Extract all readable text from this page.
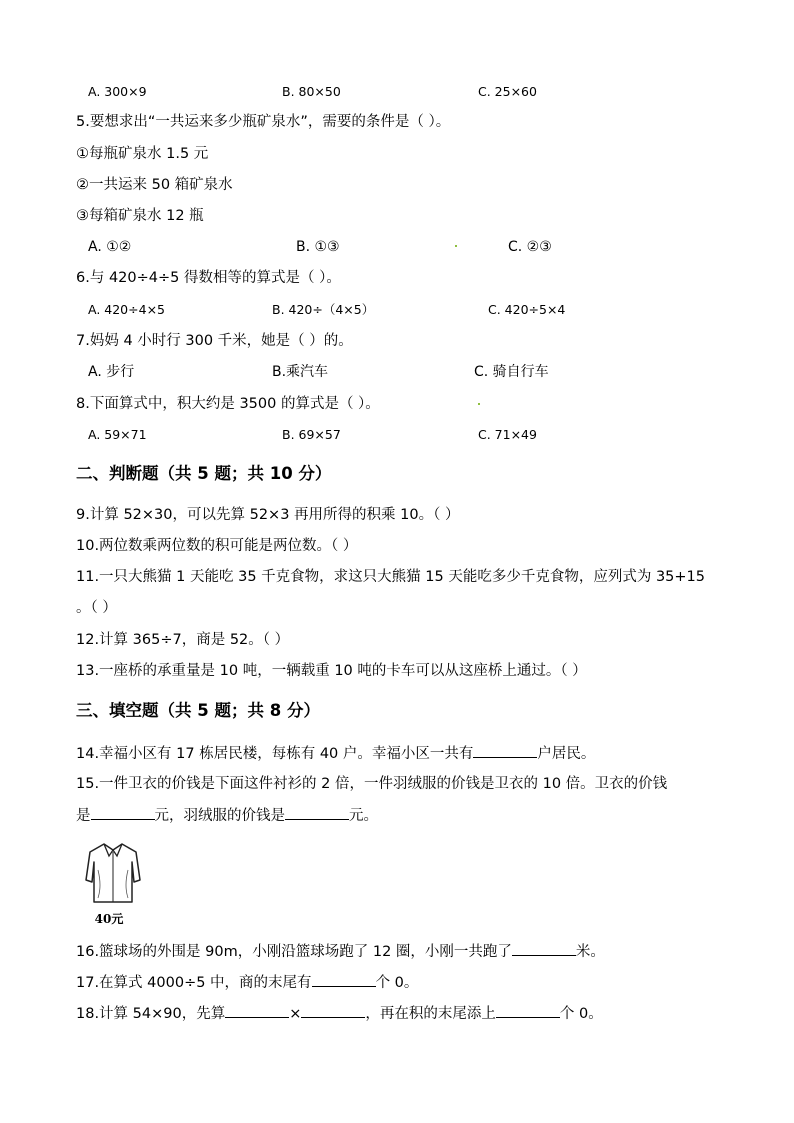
A. 300×9	B. 80×50	C. 25×60
5.要想求出“一共运来多少瓶矿泉水”，需要的条件是（ ）。
①每瓶矿泉水 1.5 元
②一共运来 50 箱矿泉水
③每箱矿泉水 12 瓶
A. ①②	B. ①③	C. ②③
6.与 420÷4÷5 得数相等的算式是（ ）。
A. 420÷4×5	B. 420÷（4×5）	C. 420÷5×4
7.妈妈 4 小时行 300 千米，她是（ ）的。
A. 步行	B.乘汽车	C. 骑自行车
8.下面算式中，积大约是 3500 的算式是（ ）。
A. 59×71	B. 69×57	C. 71×49
二、判断题（共 5 题；共 10 分）
9.计算 52×30，可以先算 52×3 再用所得的积乘 10。（ ）
10.两位数乘两位数的积可能是两位数。（ ）
11.一只大熊猫 1 天能吃 35 千克食物，求这只大熊猫 15 天能吃多少千克食物，应列式为 35+15
。（ ）
12.计算 365÷7，商是 52。（ ）
13.一座桥的承重量是 10 吨，一辆载重 10 吨的卡车可以从这座桥上通过。（ ）
三、填空题（共 5 题；共 8 分）
14.幸福小区有 17 栋居民楼，每栋有 40 户。幸福小区一共有	户居民。
15.一件卫衣的价钱是下面这件衬衫的 2 倍，一件羽绒服的价钱是卫衣的 10 倍。卫衣的价钱
是	元，羽绒服的价钱是	元。
40元
16.篮球场的外围是 90m，小刚沿篮球场跑了 12 圈，小刚一共跑了	米。
17.在算式 4000÷5 中，商的末尾有	个 0。
18.计算 54×90，先算	×	，再在积的末尾添上	个 0。
